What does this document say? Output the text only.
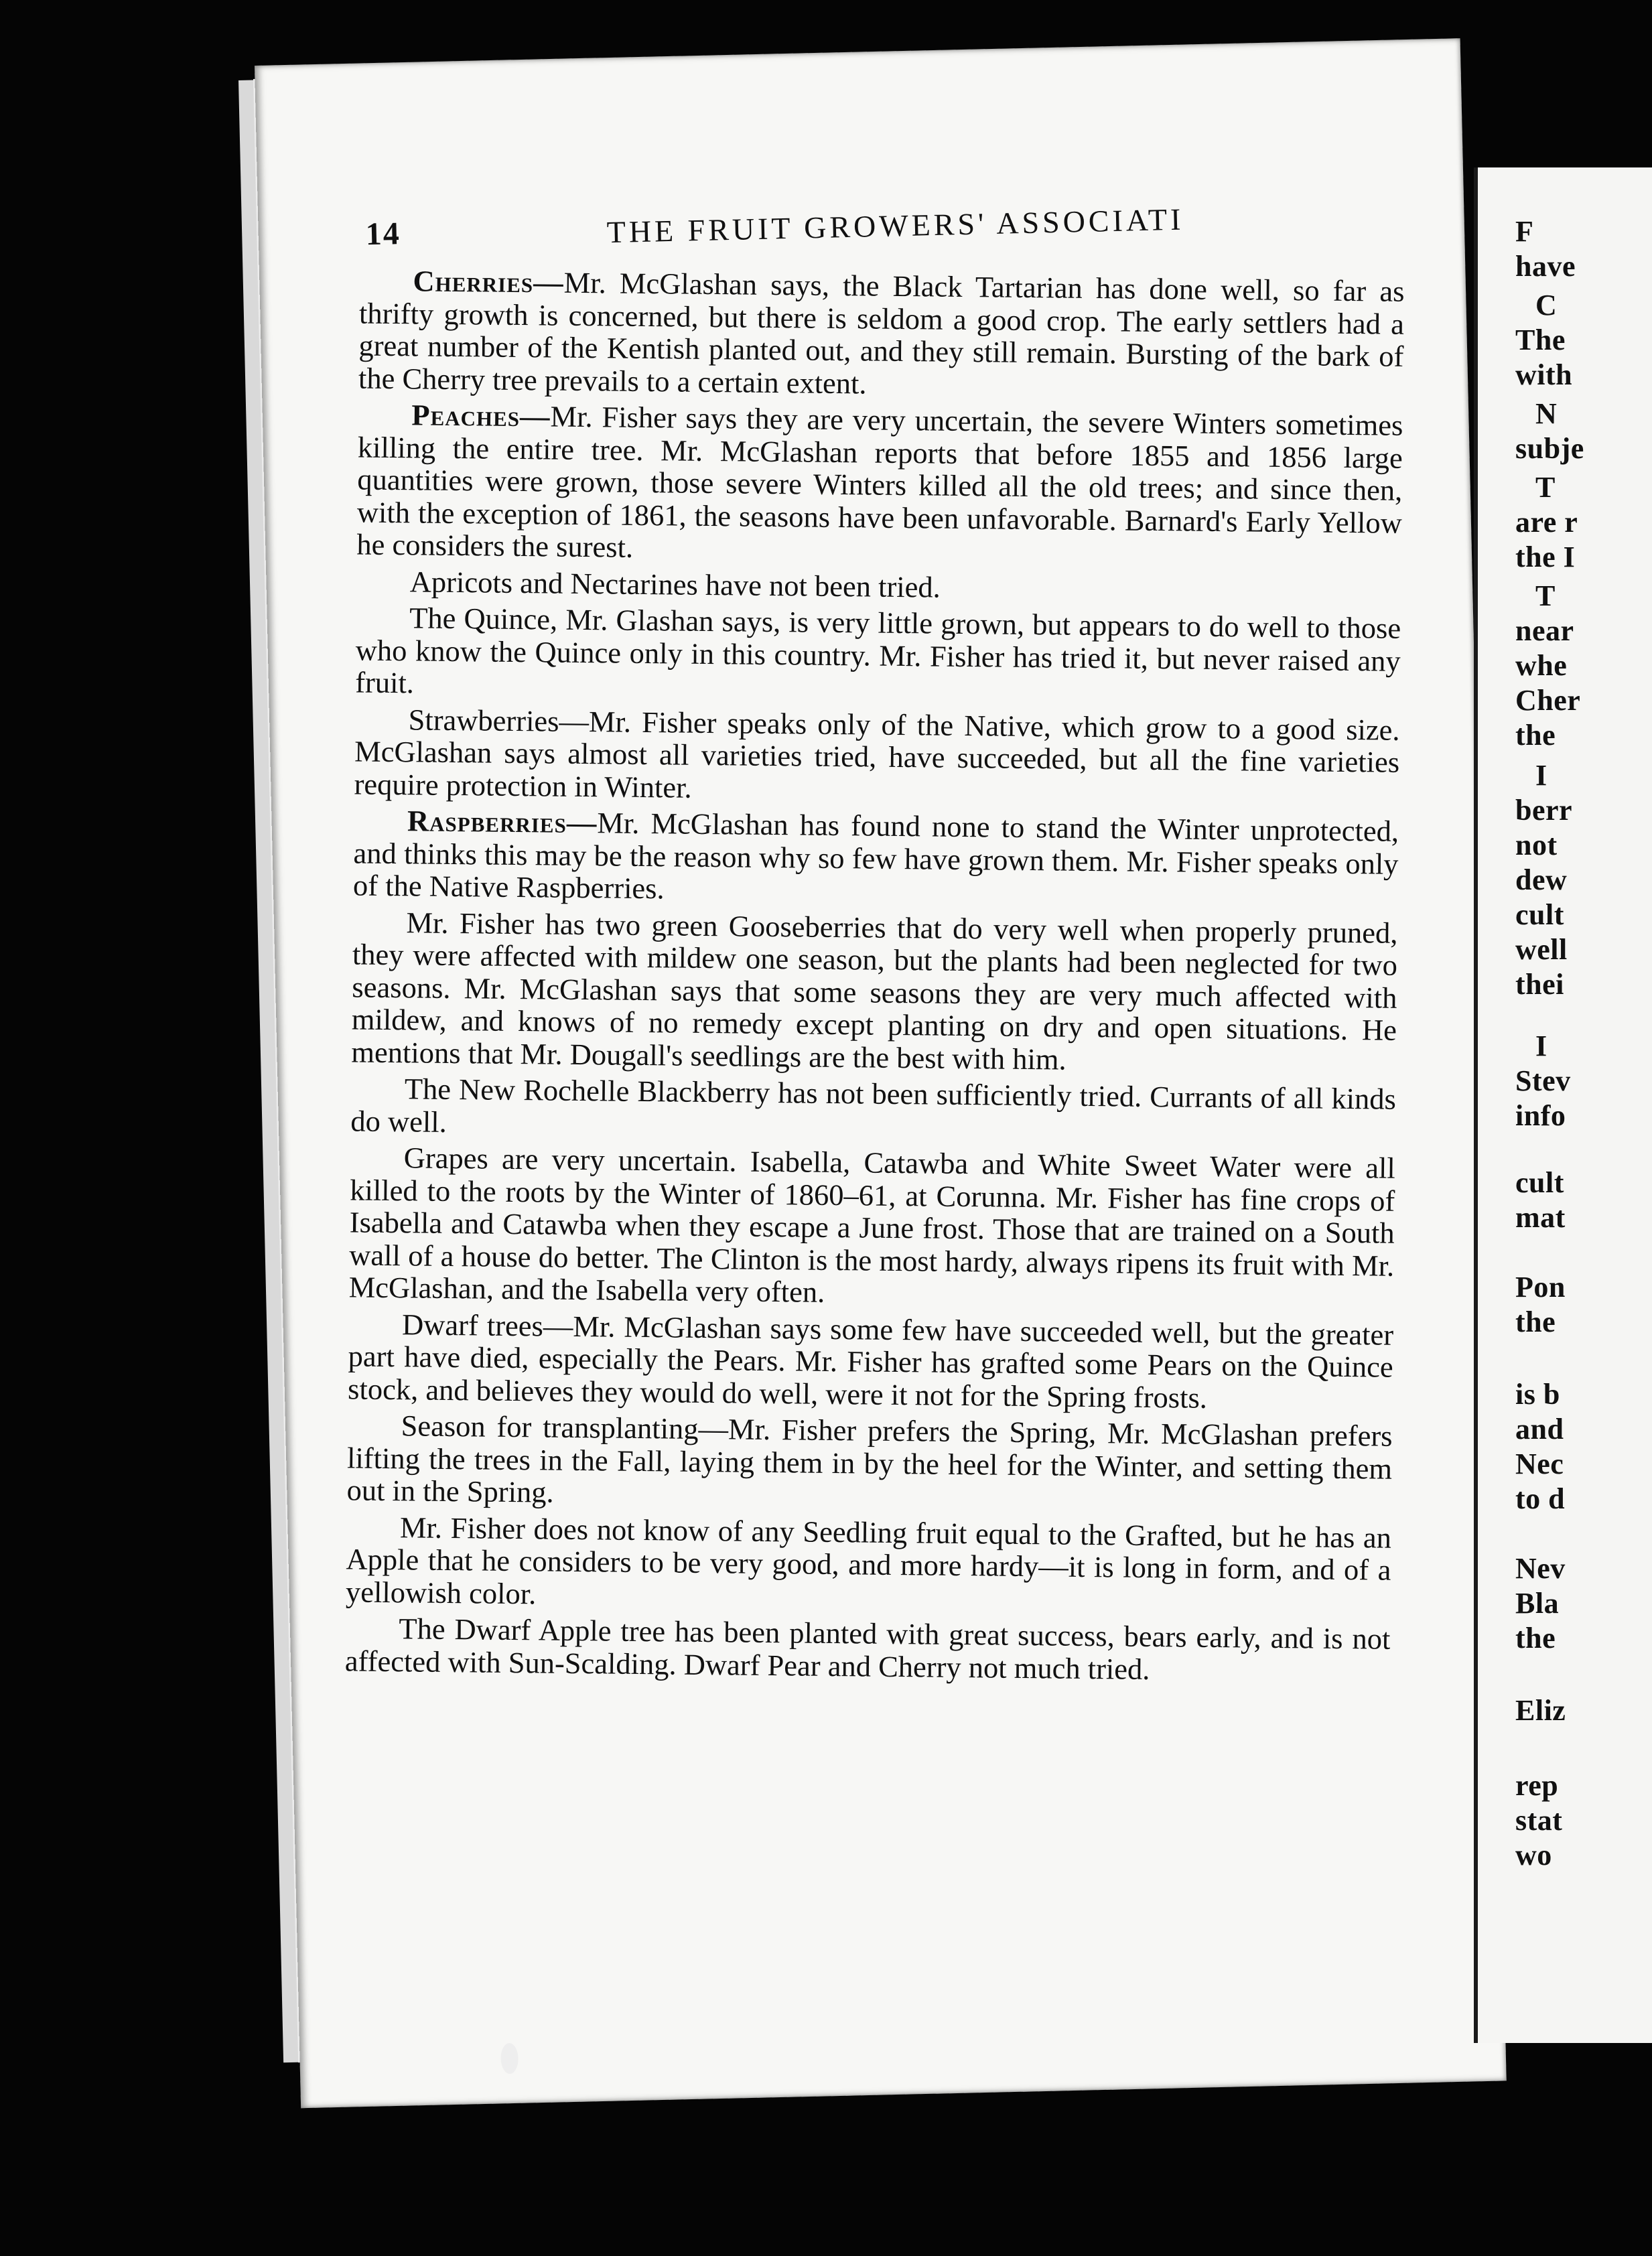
14	THE FRUIT GROWERS' ASSOCIATI

Cherries—Mr. McGlashan says, the Black Tartarian has done well, so far as thrifty growth is concerned, but there is seldom a good crop. The early settlers had a great number of the Kentish planted out, and they still remain. Bursting of the bark of the Cherry tree prevails to a certain extent.

Peaches—Mr. Fisher says they are very uncertain, the severe Winters sometimes killing the entire tree. Mr. McGlashan reports that before 1855 and 1856 large quantities were grown, those severe Winters killed all the old trees; and since then, with the exception of 1861, the seasons have been unfavorable. Barnard's Early Yellow he considers the surest.

Apricots and Nectarines have not been tried.

The Quince, Mr. Glashan says, is very little grown, but appears to do well to those who know the Quince only in this country. Mr. Fisher has tried it, but never raised any fruit.

Strawberries—Mr. Fisher speaks only of the Native, which grow to a good size. McGlashan says almost all varieties tried, have succeeded, but all the fine varieties require protection in Winter.

Raspberries—Mr. McGlashan has found none to stand the Winter unprotected, and thinks this may be the reason why so few have grown them. Mr. Fisher speaks only of the Native Raspberries.

Mr. Fisher has two green Gooseberries that do very well when properly pruned, they were affected with mildew one season, but the plants had been neglected for two seasons. Mr. McGlashan says that some seasons they are very much affected with mildew, and knows of no remedy except planting on dry and open situations. He mentions that Mr. Dougall's seedlings are the best with him.

The New Rochelle Blackberry has not been sufficiently tried. Currants of all kinds do well.

Grapes are very uncertain. Isabella, Catawba and White Sweet Water were all killed to the roots by the Winter of 1860–61, at Corunna. Mr. Fisher has fine crops of Isabella and Catawba when they escape a June frost. Those that are trained on a South wall of a house do better. The Clinton is the most hardy, always ripens its fruit with Mr. McGlashan, and the Isabella very often.

Dwarf trees—Mr. McGlashan says some few have succeeded well, but the greater part have died, especially the Pears. Mr. Fisher has grafted some Pears on the Quince stock, and believes they would do well, were it not for the Spring frosts.

Season for transplanting—Mr. Fisher prefers the Spring, Mr. McGlashan prefers lifting the trees in the Fall, laying them in by the heel for the Winter, and setting them out in the Spring.

Mr. Fisher does not know of any Seedling fruit equal to the Grafted, but he has an Apple that he considers to be very good, and more hardy—it is long in form, and of a yellowish color.

The Dwarf Apple tree has been planted with great success, bears early, and is not affected with Sun-Scalding. Dwarf Pear and Cherry not much tried.

F
have
C
The
with
N
subje
T
are r
the I
T
near
whe
Cher
the
I
berr
not
dew
cult
well
thei
I
Stev
info
cult
mat
Pon
the
is b
and
Nec
to d
Nev
Bla
the
Eliz
rep
stat
wo
